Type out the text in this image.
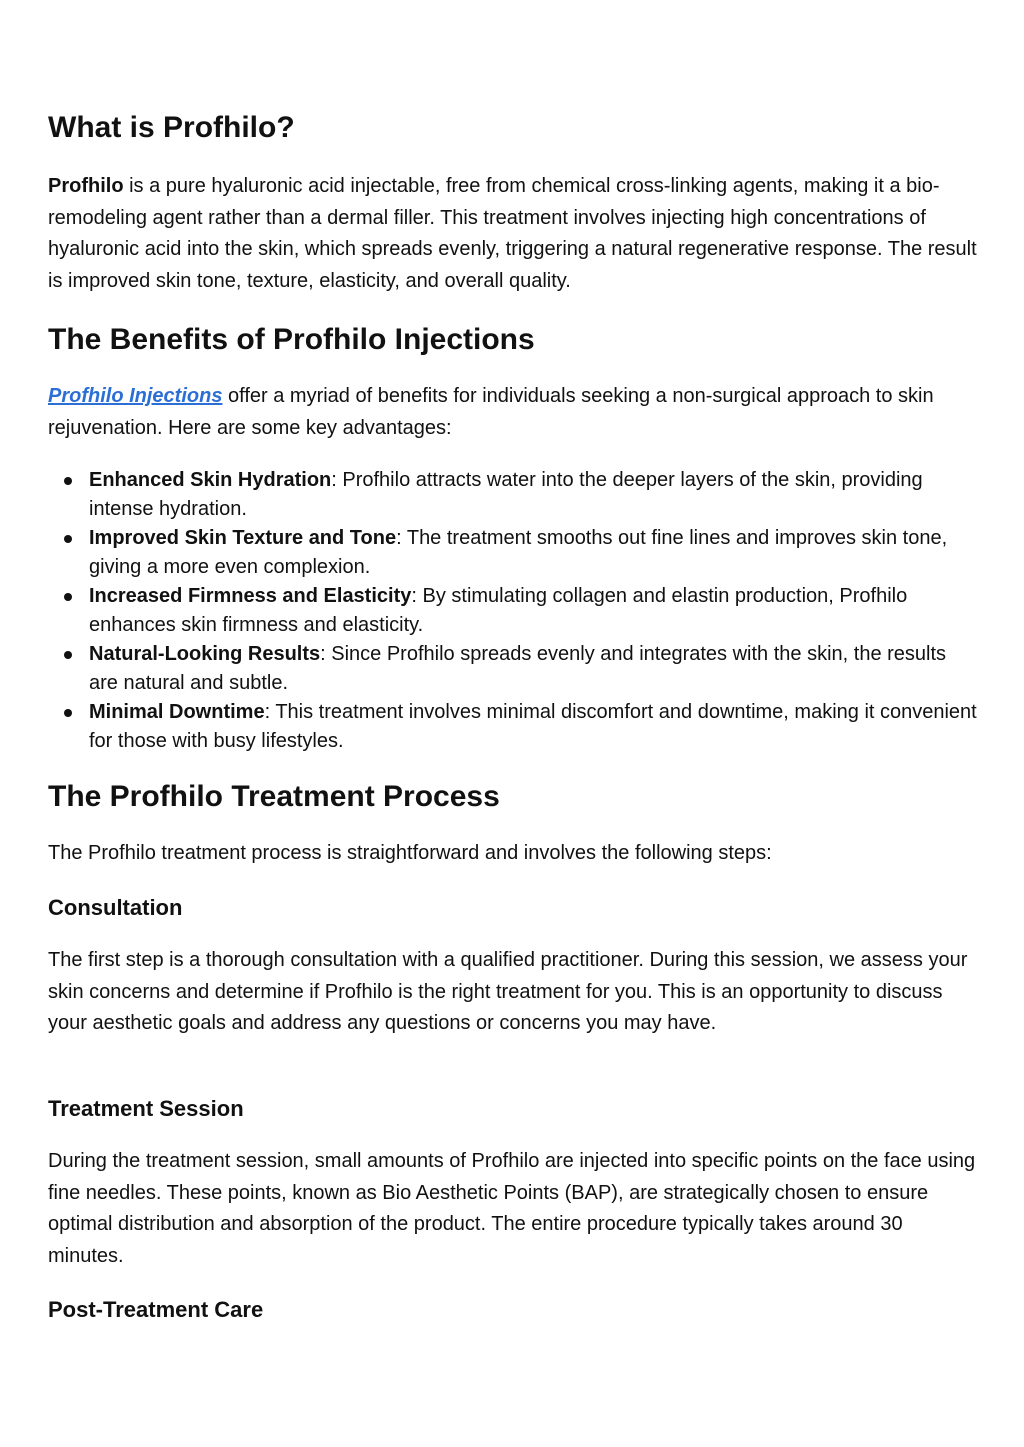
What is Profhilo?

Profhilo is a pure hyaluronic acid injectable, free from chemical cross-linking agents, making it a bio-remodeling agent rather than a dermal filler. This treatment involves injecting high concentrations of hyaluronic acid into the skin, which spreads evenly, triggering a natural regenerative response. The result is improved skin tone, texture, elasticity, and overall quality.

The Benefits of Profhilo Injections

Profhilo Injections offer a myriad of benefits for individuals seeking a non-surgical approach to skin rejuvenation. Here are some key advantages:

Enhanced Skin Hydration: Profhilo attracts water into the deeper layers of the skin, providing intense hydration.
Improved Skin Texture and Tone: The treatment smooths out fine lines and improves skin tone, giving a more even complexion.
Increased Firmness and Elasticity: By stimulating collagen and elastin production, Profhilo enhances skin firmness and elasticity.
Natural-Looking Results: Since Profhilo spreads evenly and integrates with the skin, the results are natural and subtle.
Minimal Downtime: This treatment involves minimal discomfort and downtime, making it convenient for those with busy lifestyles.
The Profhilo Treatment Process

The Profhilo treatment process is straightforward and involves the following steps:

Consultation

The first step is a thorough consultation with a qualified practitioner. During this session, we assess your skin concerns and determine if Profhilo is the right treatment for you. This is an opportunity to discuss your aesthetic goals and address any questions or concerns you may have.

Treatment Session

During the treatment session, small amounts of Profhilo are injected into specific points on the face using fine needles. These points, known as Bio Aesthetic Points (BAP), are strategically chosen to ensure optimal distribution and absorption of the product. The entire procedure typically takes around 30 minutes.

Post-Treatment Care
